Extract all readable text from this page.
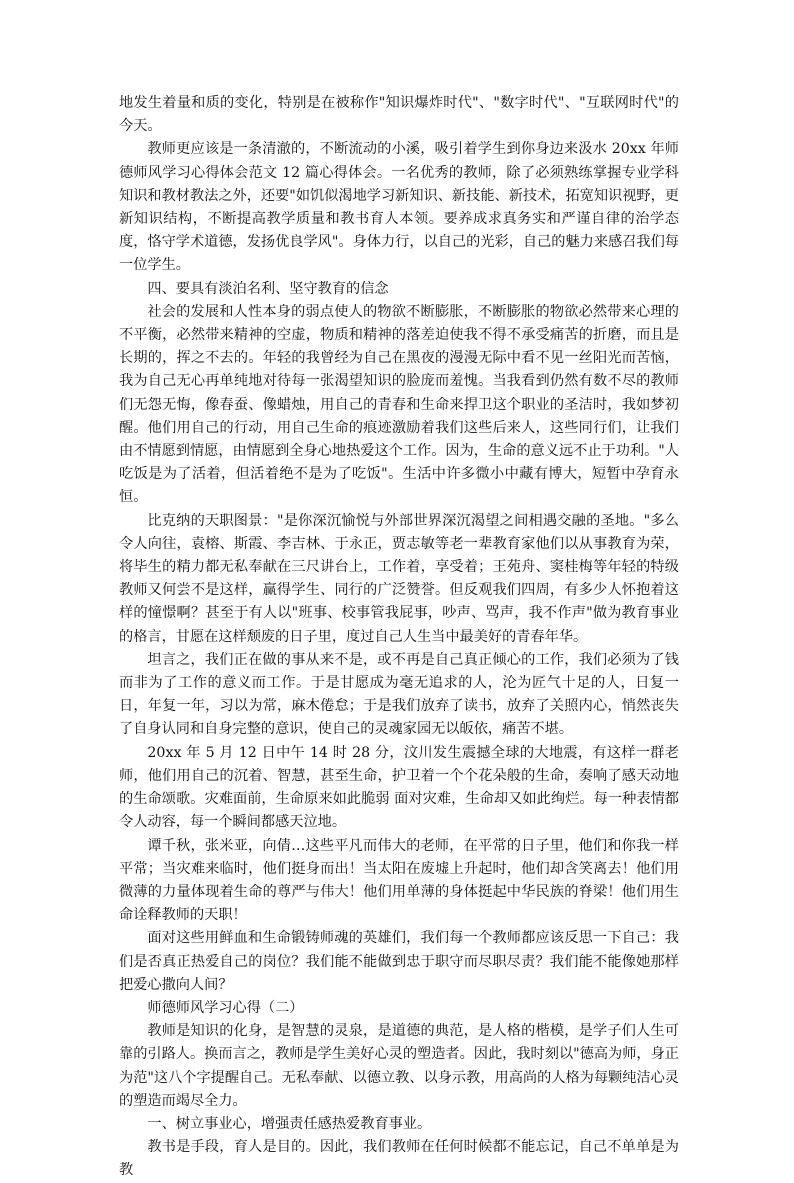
地发生着量和质的变化，特别是在被称作"知识爆炸时代"、"数字时代"、"互联网时代"的今天。

教师更应该是一条清澈的，不断流动的小溪，吸引着学生到你身边来汲水 20xx 年师德师风学习心得体会范文 12 篇心得体会。一名优秀的教师，除了必须熟练掌握专业学科知识和教材教法之外，还要"如饥似渴地学习新知识、新技能、新技术，拓宽知识视野，更新知识结构，不断提高教学质量和教书育人本领。要养成求真务实和严谨自律的治学态度，恪守学术道德，发扬优良学风"。身体力行，以自己的光彩，自己的魅力来感召我们每一位学生。

四、要具有淡泊名利、坚守教育的信念

社会的发展和人性本身的弱点使人的物欲不断膨胀，不断膨胀的物欲必然带来心理的不平衡，必然带来精神的空虚，物质和精神的落差迫使我不得不承受痛苦的折磨，而且是长期的，挥之不去的。年轻的我曾经为自己在黑夜的漫漫无际中看不见一丝阳光而苦恼，我为自己无心再单纯地对待每一张渴望知识的脸庞而羞愧。当我看到仍然有数不尽的教师们无怨无悔，像春蚕、像蜡烛，用自己的青春和生命来捍卫这个职业的圣洁时，我如梦初醒。他们用自己的行动，用自己生命的痕迹激励着我们这些后来人，这些同行们，让我们由不情愿到情愿，由情愿到全身心地热爱这个工作。因为，生命的意义远不止于功利。"人吃饭是为了活着，但活着绝不是为了吃饭"。生活中许多微小中藏有博大，短暂中孕育永恒。

比克纳的天职图景："是你深沉愉悦与外部世界深沉渴望之间相遇交融的圣地。"多么令人向往，袁榕、斯霞、李吉林、于永正，贾志敏等老一辈教育家他们以从事教育为荣，将毕生的精力都无私奉献在三尺讲台上，工作着，享受着；王苑舟、窦桂梅等年轻的特级教师又何尝不是这样，赢得学生、同行的广泛赞誉。但反观我们四周，有多少人怀抱着这样的憧憬啊？甚至于有人以"班事、校事管我屁事，吵声、骂声，我不作声"做为教育事业的格言，甘愿在这样颓废的日子里，度过自己人生当中最美好的青春年华。

坦言之，我们正在做的事从来不是，或不再是自己真正倾心的工作，我们必须为了钱而非为了工作的意义而工作。于是甘愿成为毫无追求的人，沦为匠气十足的人，日复一日，年复一年，习以为常，麻木倦怠；于是我们放弃了读书，放弃了关照内心，悄然丧失了自身认同和自身完整的意识，使自己的灵魂家园无以皈依，痛苦不堪。

20xx 年 5 月 12 日中午 14 时 28 分，汶川发生震撼全球的大地震，有这样一群老师，他们用自己的沉着、智慧，甚至生命，护卫着一个个花朵般的生命，奏响了感天动地的生命颂歌。灾难面前，生命原来如此脆弱 面对灾难，生命却又如此绚烂。每一种表情都令人动容，每一个瞬间都感天泣地。

谭千秋，张米亚，向倩…这些平凡而伟大的老师，在平常的日子里，他们和你我一样平常；当灾难来临时，他们挺身而出！当太阳在废墟上升起时，他们却含笑离去！他们用微薄的力量体现着生命的尊严与伟大！他们用单薄的身体挺起中华民族的脊梁！他们用生命诠释教师的天职！

面对这些用鲜血和生命锻铸师魂的英雄们，我们每一个教师都应该反思一下自己：我们是否真正热爱自己的岗位？我们能不能做到忠于职守而尽职尽责？我们能不能像她那样把爱心撒向人间？

师德师风学习心得（二）

教师是知识的化身，是智慧的灵泉，是道德的典范，是人格的楷模，是学子们人生可靠的引路人。换而言之，教师是学生美好心灵的塑造者。因此，我时刻以"德高为师，身正为范"这八个字提醒自己。无私奉献、以德立教、以身示教，用高尚的人格为每颗纯洁心灵的塑造而竭尽全力。

一、树立事业心，增强责任感热爱教育事业。

教书是手段，育人是目的。因此，我们教师在任何时候都不能忘记，自己不单单是为教
